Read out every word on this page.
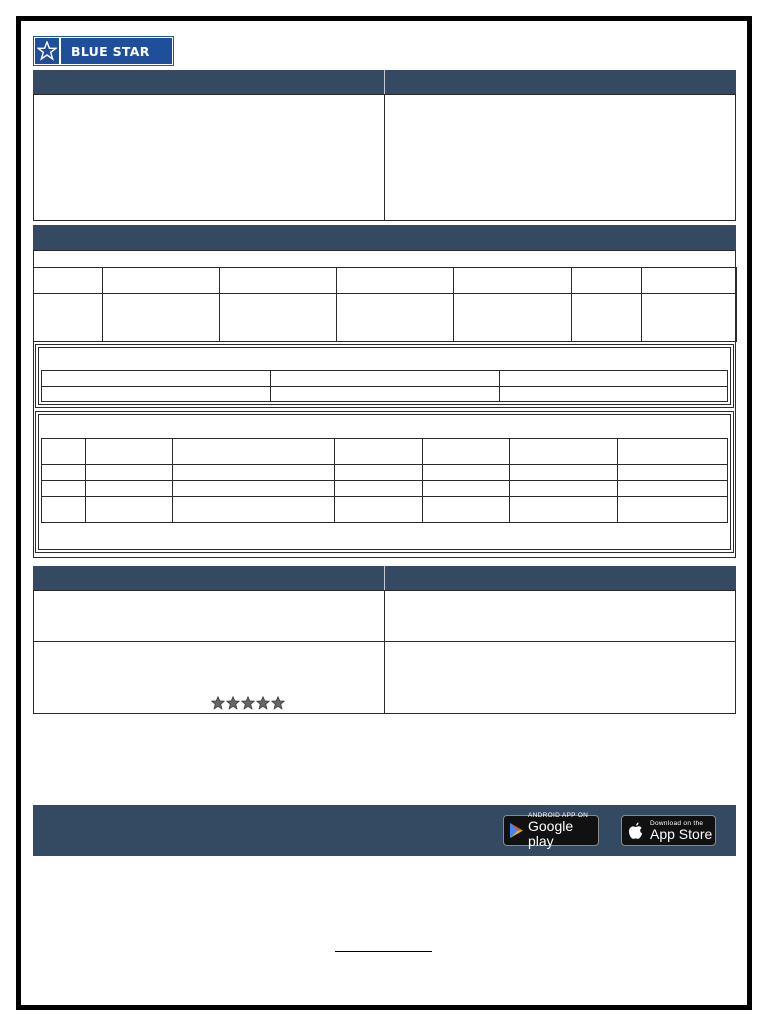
BLUE STAR

ANDROID APP ON
Google play
Download on the
App Store
